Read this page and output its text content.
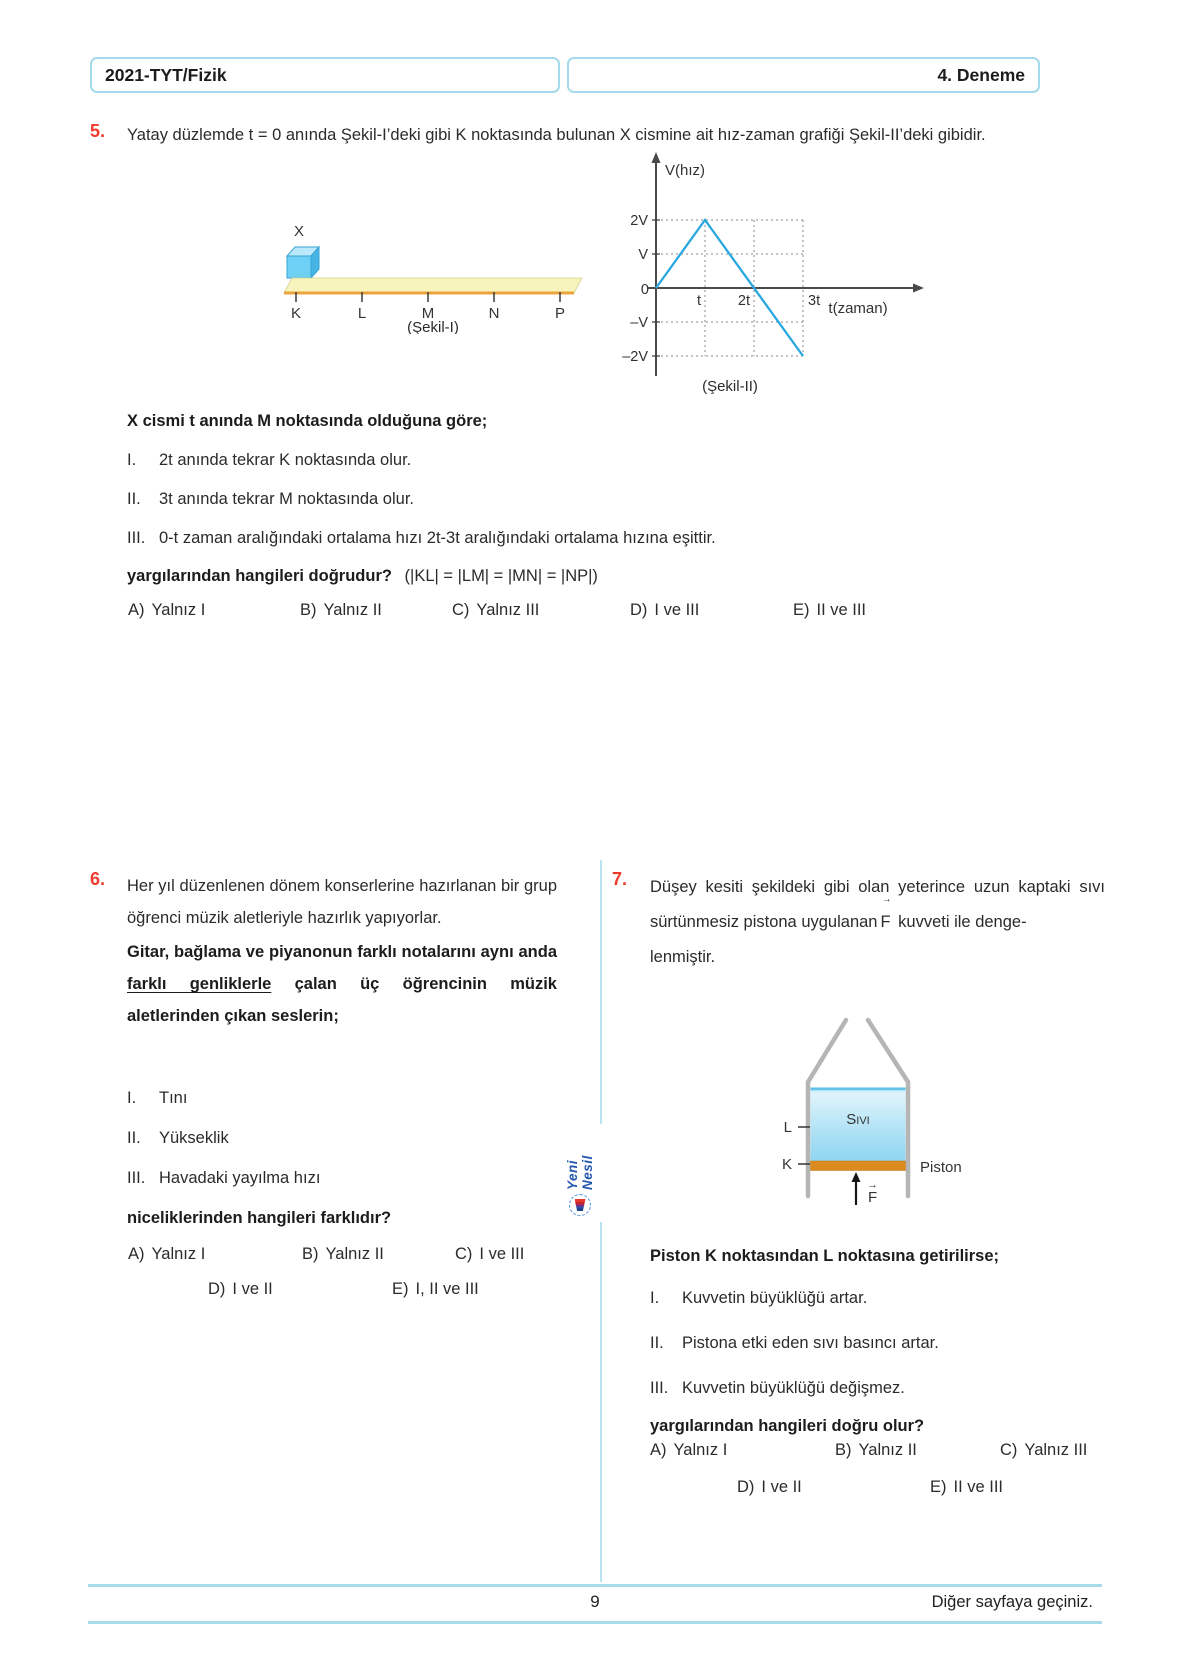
2021-TYT/Fizik	4. Deneme
5. Yatay düzlemde t = 0 anında Şekil-I’deki gibi K noktasında bulunan X cismine ait hız-zaman grafiği Şekil-II’deki gibidir.
X
K	L	M	N	P
(Şekil-I)
V(hız)
t(zaman)
2V
V
0
–V
–2V
t	2t	3t
(Şekil-II)
X cismi t anında M noktasında olduğuna göre;
I.	2t anında tekrar K noktasında olur.
II.	3t anında tekrar M noktasında olur.
III. 0-t zaman aralığındaki ortalama hızı 2t-3t aralığındaki ortalama hızına eşittir.
yargılarından hangileri doğrudur? (|KL| = |LM| = |MN| = |NP|)
A) Yalnız I	B) Yalnız II	C) Yalnız III	D) I ve III	E) II ve III
Yeni Nesil
6. Her yıl düzenlenen dönem konserlerine hazırlanan bir grup öğrenci müzik aletleriyle hazırlık yapıyorlar.
Gitar, bağlama ve piyanonun farklı notalarını aynı anda farklı genliklerle çalan üç öğrencinin müzik aletlerinden çıkan seslerin;
I.	Tını
II.	Yükseklik
III. Havadaki yayılma hızı
niceliklerinden hangileri farklıdır?
A) Yalnız I	B) Yalnız II	C) I ve III
D) I ve II	E) I, II ve III
7. Düşey kesiti şekildeki gibi olan yeterince uzun kaptaki sıvı sürtünmesiz pistona uygulanan
→
F kuvveti ile denge-
lenmiştir.
Sıvı
L
K	Piston
→
F
Piston K noktasından L noktasına getirilirse;
I.	Kuvvetin büyüklüğü artar.
II.	Pistona etki eden sıvı basıncı artar.
III. Kuvvetin büyüklüğü değişmez.
yargılarından hangileri doğru olur?
A) Yalnız I	B) Yalnız II	C) Yalnız III
D) I ve II	E) II ve III
9	Diğer sayfaya geçiniz.
